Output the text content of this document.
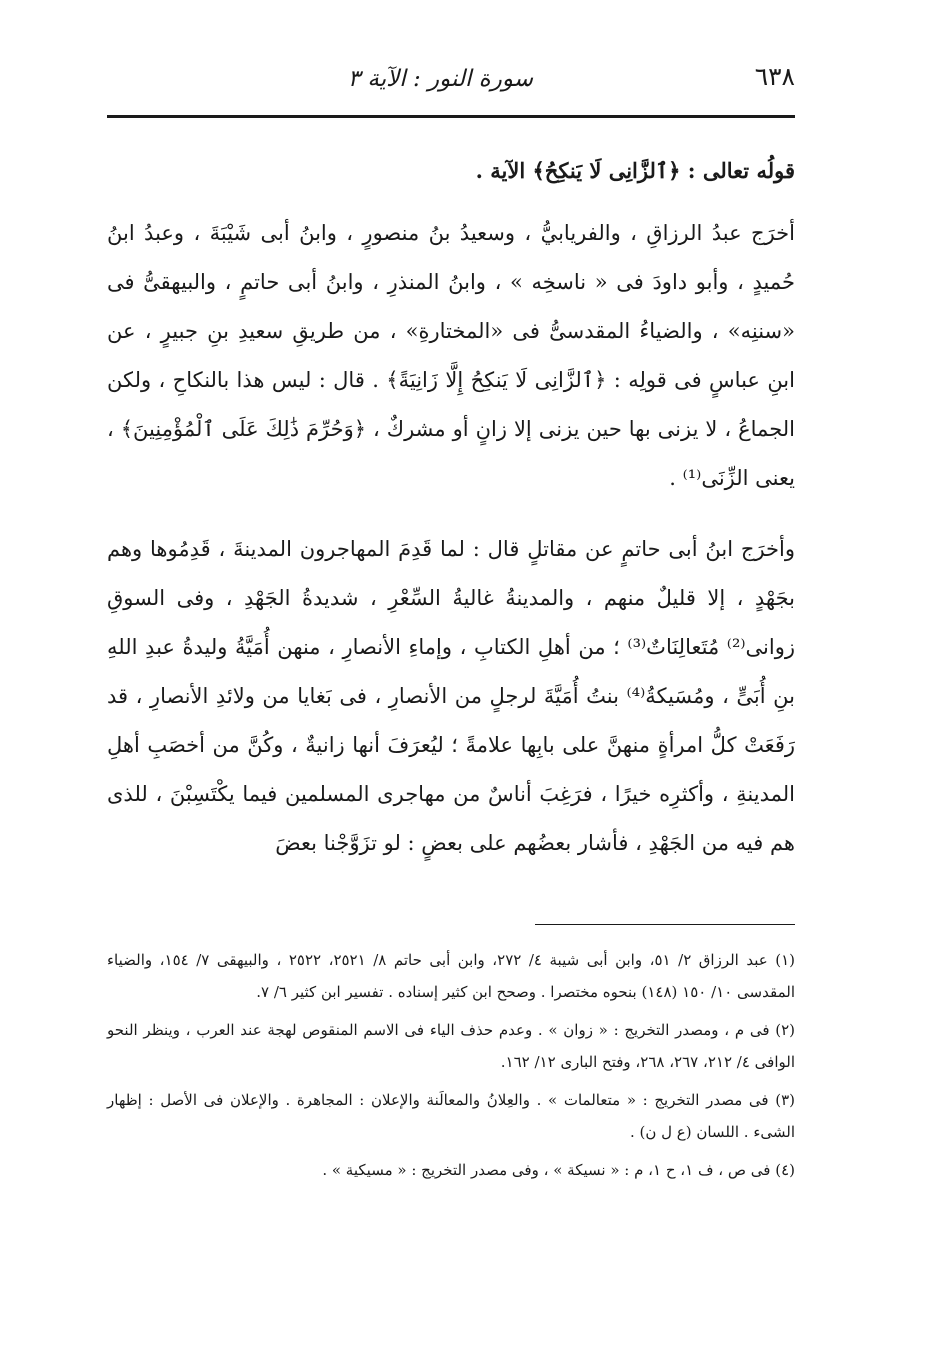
٦٣٨
سورة النور : الآية ٣

قولُه تعالى : ﴿ٱلزَّانِى لَا يَنكِحُ﴾ الآية .

أخرَج عبدُ الرزاقِ ، والفريابيُّ ، وسعيدُ بنُ منصورٍ ، وابنُ أبى شَيْبَةَ ، وعبدُ ابنُ حُميدٍ ، وأبو داودَ فى « ناسخِه » ، وابنُ المنذرِ ، وابنُ أبى حاتمٍ ، والبيهقىُّ فى «سننِه» ، والضياءُ المقدسىُّ فى «المختارةِ» ، من طريقِ سعيدِ بنِ جبيرٍ ، عن ابنِ عباسٍ فى قولِه : ﴿ٱلزَّانِى لَا يَنكِحُ إِلَّا زَانِيَةً﴾ . قال : ليس هذا بالنكاحِ ، ولكن الجماعُ ، لا يزنى بها حين يزنى إلا زانٍ أو مشركٌ ، ﴿وَحُرِّمَ ذَٰلِكَ عَلَى ٱلْمُؤْمِنِينَ﴾ ، يعنى الزِّنَى⁽¹⁾ .

وأخرَج ابنُ أبى حاتمٍ عن مقاتلٍ قال : لما قَدِمَ المهاجرون المدينةَ ، قَدِمُوها وهم بجَهْدٍ ، إلا قليلٌ منهم ، والمدينةُ غاليةُ السِّعْرِ ، شديدةُ الجَهْدِ ، وفى السوقِ زوانى⁽²⁾ مُتَعالِنَاتٌ⁽³⁾ ؛ من أهلِ الكتابِ ، وإماءِ الأنصارِ ، منهن أُمَيَّةُ وليدةُ عبدِ اللهِ بنِ أُبَىٍّ ، ومُسَيكةُ⁽⁴⁾ بنتُ أُمَيَّةَ لرجلٍ من الأنصارِ ، فى بَغايا من ولائدِ الأنصارِ ، قد رَفَعَتْ كلُّ امرأةٍ منهنَّ على بابِها علامةً ؛ ليُعرَفَ أنها زانيةٌ ، وكُنَّ من أخصَبِ أهلِ المدينةِ ، وأكثرِه خيرًا ، فرَغِبَ أناسٌ من مهاجرى المسلمين فيما يكْتَسِبْنَ ، للذى هم فيه من الجَهْدِ ، فأشار بعضُهم على بعضٍ : لو تزَوَّجْنا بعضَ

(١) عبد الرزاق ٢/ ٥١، وابن أبى شيبة ٤/ ٢٧٢، وابن أبى حاتم ٨/ ٢٥٢١، ٢٥٢٢ ، والبيهقى ٧/ ١٥٤، والضياء المقدسى ١٠/ ١٥٠ (١٤٨) بنحوه مختصرا . وصحح ابن كثير إسناده . تفسير ابن كثير ٦/ ٧.

(٢) فى م ، ومصدر التخريج : « زوان » . وعدم حذف الياء فى الاسم المنقوص لهجة عند العرب ، وينظر النحو الوافى ٤/ ٢١٢، ٢٦٧، ٢٦٨، وفتح البارى ١٢/ ١٦٢.

(٣) فى مصدر التخريج : « متعالمات » . والعِلانُ والمعالَنة والإعلان : المجاهرة . والإعلان فى الأصل : إظهار الشىء . اللسان (ع ل ن) .

(٤) فى ص ، ف ١، ح ١، م : « نسيكة » ، وفى مصدر التخريج : « مسيكية » .
